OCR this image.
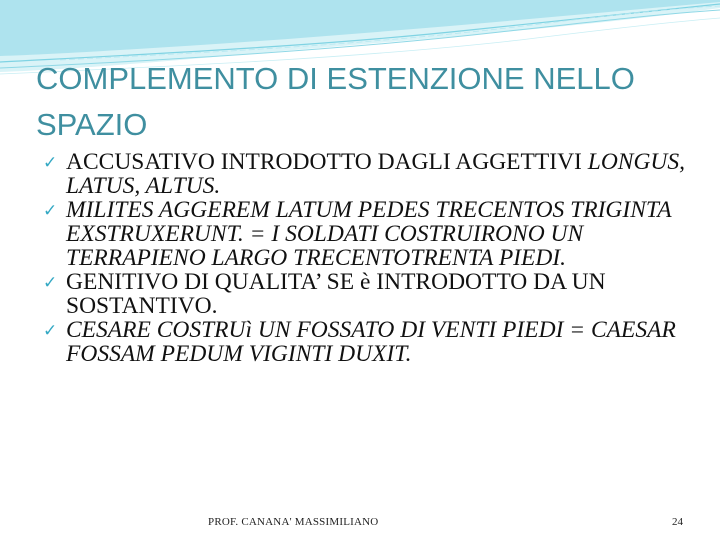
COMPLEMENTO DI ESTENZIONE NELLO SPAZIO
✓ ACCUSATIVO INTRODOTTO DAGLI AGGETTIVI LONGUS, LATUS, ALTUS.
✓ MILITES AGGEREM LATUM PEDES TRECENTOS TRIGINTA EXSTRUXERUNT. = I SOLDATI COSTRUIRONO UN TERRAPIENO LARGO TRECENTOTRENTA PIEDI.
✓ GENITIVO DI QUALITA’ SE è INTRODOTTO DA UN SOSTANTIVO.
✓ CESARE COSTRUì UN FOSSATO DI VENTI PIEDI = CAESAR FOSSAM PEDUM VIGINTI DUXIT.
PROF. CANANA' MASSIMILIANO	24
